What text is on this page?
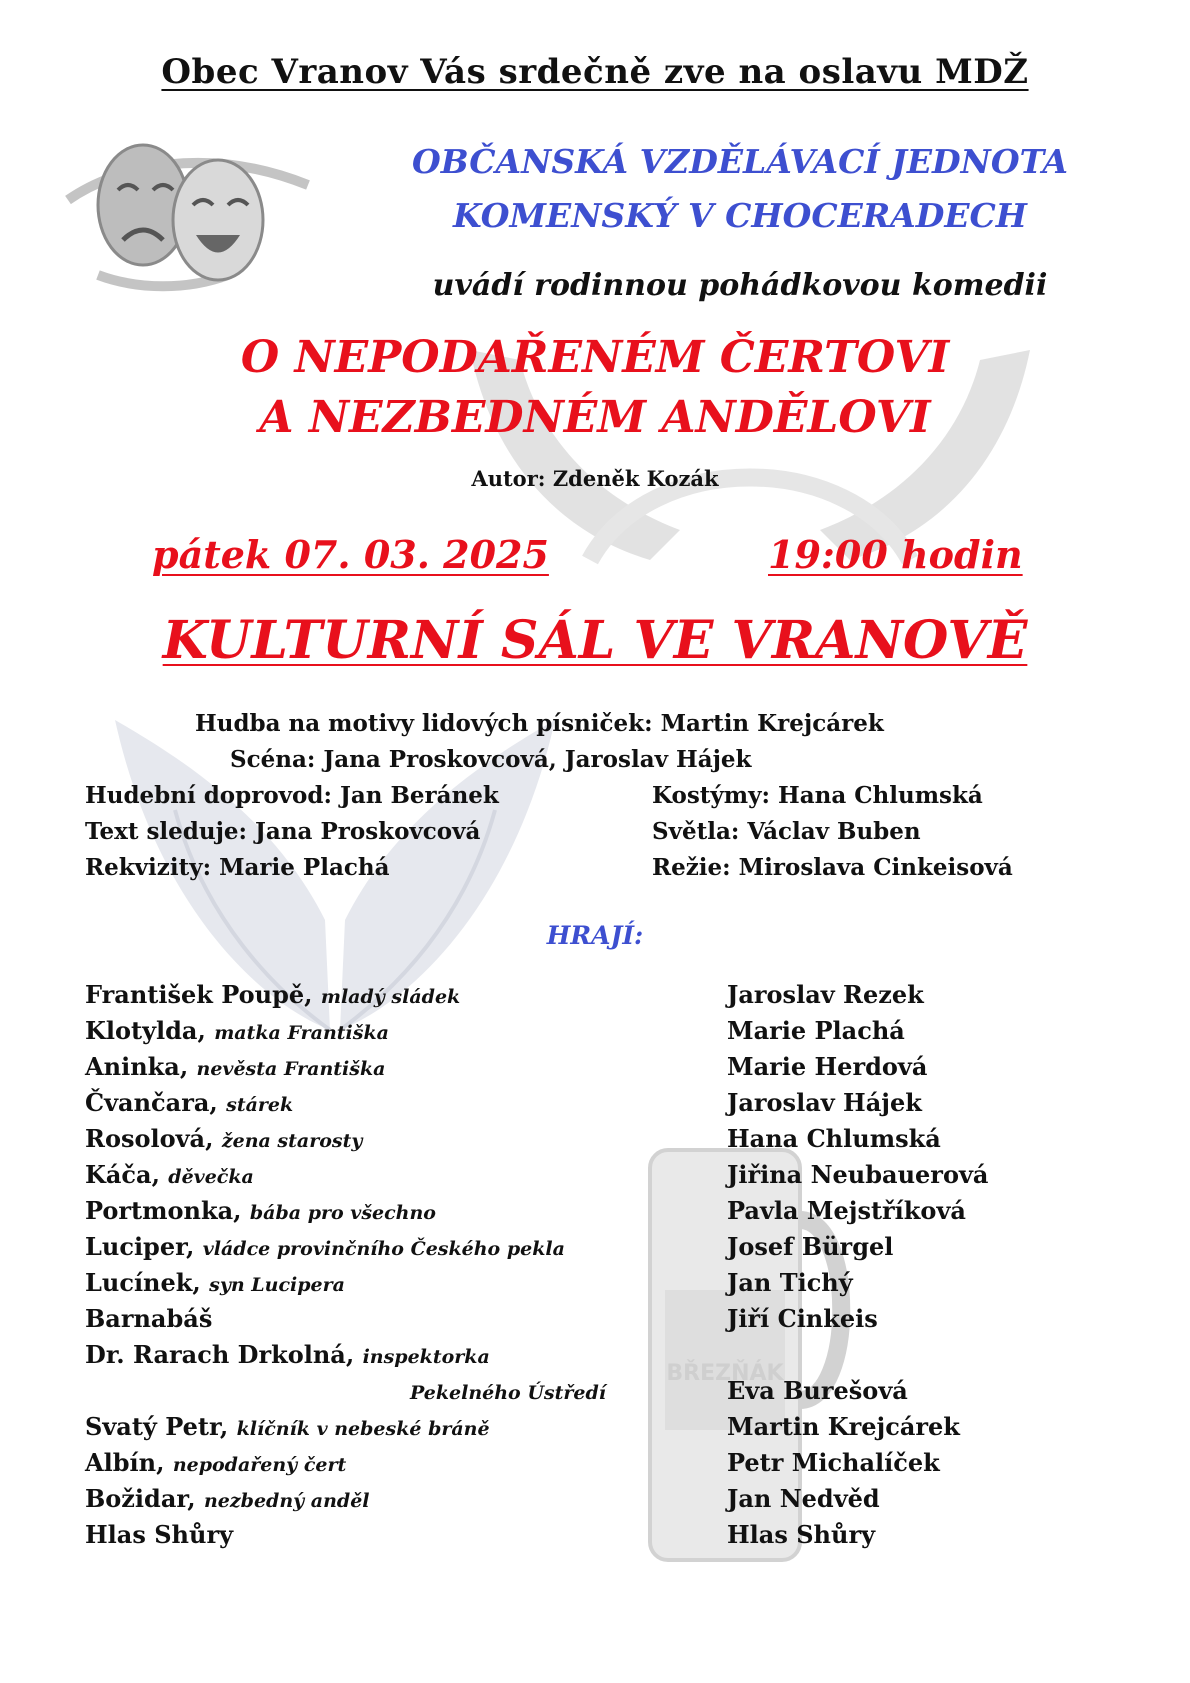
BŘEZŇÁK
Obec Vranov Vás srdečně zve na oslavu MDŽ
OBČANSKÁ VZDĚLÁVACÍ JEDNOTA
KOMENSKÝ V CHOCERADECH
uvádí rodinnou pohádkovou komedii
O NEPODAŘENÉM ČERTOVI
A NEZBEDNÉM ANDĚLOVI
Autor: Zdeněk Kozák
pátek 07. 03. 2025	19:00 hodin
KULTURNÍ SÁL VE VRANOVĚ
Hudba na motivy lidových písniček: Martin Krejcárek
Scéna: Jana Proskovcová, Jaroslav Hájek
Hudební doprovod: Jan Beránek
Text sleduje: Jana Proskovcová
Rekvizity: Marie Plachá
Kostýmy: Hana Chlumská
Světla: Václav Buben
Režie: Miroslava Cinkeisová
HRAJÍ:
František Poupě, mladý sládek	Jaroslav Rezek
Klotylda, matka Františka	Marie Plachá
Aninka, nevěsta Františka	Marie Herdová
Čvančara, stárek	Jaroslav Hájek
Rosolová, žena starosty	Hana Chlumská
Káča, děvečka	Jiřina Neubauerová
Portmonka, bába pro všechno	Pavla Mejstříková
Luciper, vládce provinčního Českého pekla	Josef Bürgel
Lucínek, syn Lucipera	Jan Tichý
Barnabáš	Jiří Cinkeis
Dr. Rarach Drkolná, inspektorka
Pekelného Ústředí	Eva Burešová
Svatý Petr, klíčník v nebeské bráně	Martin Krejcárek
Albín, nepodařený čert	Petr Michalíček
Božidar, nezbedný anděl	Jan Nedvěd
Hlas Shůry	Hlas Shůry
